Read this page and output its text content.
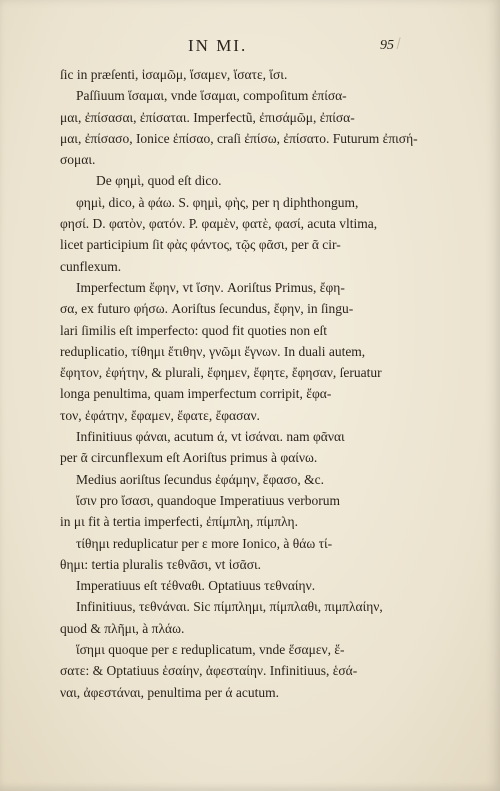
IN MI.	95
ſic in præſenti, ἱσαμῶμ, ἵσαμεν, ἵσατε, ἵσι.
Paſſiuum ἵσαμαι, vnde ἵσαμαι, compoſitum ἐπίσα-
μαι, ἐπίσασαι, ἐπίσαται. Imperfectũ, ἐπισάμῶμ, ἐπίσα-
μαι, ἐπίσασο, Ionice ἐπίσαο, craſi ἐπίσω, ἐπίσατο. Futurum ἐπισή-
σομαι.
De φημὶ, quod eſt dico.
φημὶ, dico, à φάω. S. φημὶ, φὴς, per η diphthongum,
φησί. D. φατὸν, φατόν. P. φαμὲν, φατὲ, φασί, acuta vltima,
licet participium ſit φὰς φάντος, τῷς φᾶσι, per ᾶ cir-
cunflexum.
Imperfectum ἔφην, vt ἵσην. Aoriſtus Primus, ἔφη-
σα, ex futuro φήσω. Aoriſtus ſecundus, ἔφην, in ſingu-
lari ſimilis eſt imperfecto: quod fit quoties non eſt
reduplicatio, τίθημι ἔτιθην, γνῶμι ἔγνων. In duali autem,
ἔφητον, ἐφήτην, & plurali, ἔφημεν, ἔφητε, ἔφησαν, ſeruatur
longa penultima, quam imperfectum corripit, ἔφα-
τον, ἐφάτην, ἔφαμεν, ἔφατε, ἔφασαν.
Infinitiuus φάναι, acutum ά, vt ἱσάναι. nam φᾶναι
per ᾶ circunflexum eſt Aoriſtus primus à φαίνω.
Medius aoriſtus ſecundus ἐφάμην, ἔφασο, &c.
ἴσιν pro ἴσασι, quandoque Imperatiuus verborum
in μι fit à tertia imperfecti, ἐπίμπλη, πίμπλη.
τίθημι reduplicatur per ε more Ionico, à θάω τί-
θημι: tertia pluralis τεθνᾶσι, vt ἱσᾶσι.
Imperatiuus eſt τέθναθι. Optatiuus τεθναίην.
Infinitiuus, τεθνάναι. Sic πίμπλημι, πίμπλαθι, πιμπλαίην,
quod & πλῆμι, à πλάω.
ἵσημι quoque per ε reduplicatum, vnde ἕσαμεν, ἕ-
σατε: & Optatiuus ἑσαίην, ἀφεσταίην. Infinitiuus, ἑσά-
ναι, ἀφεστάναι, penultima per ά acutum.
